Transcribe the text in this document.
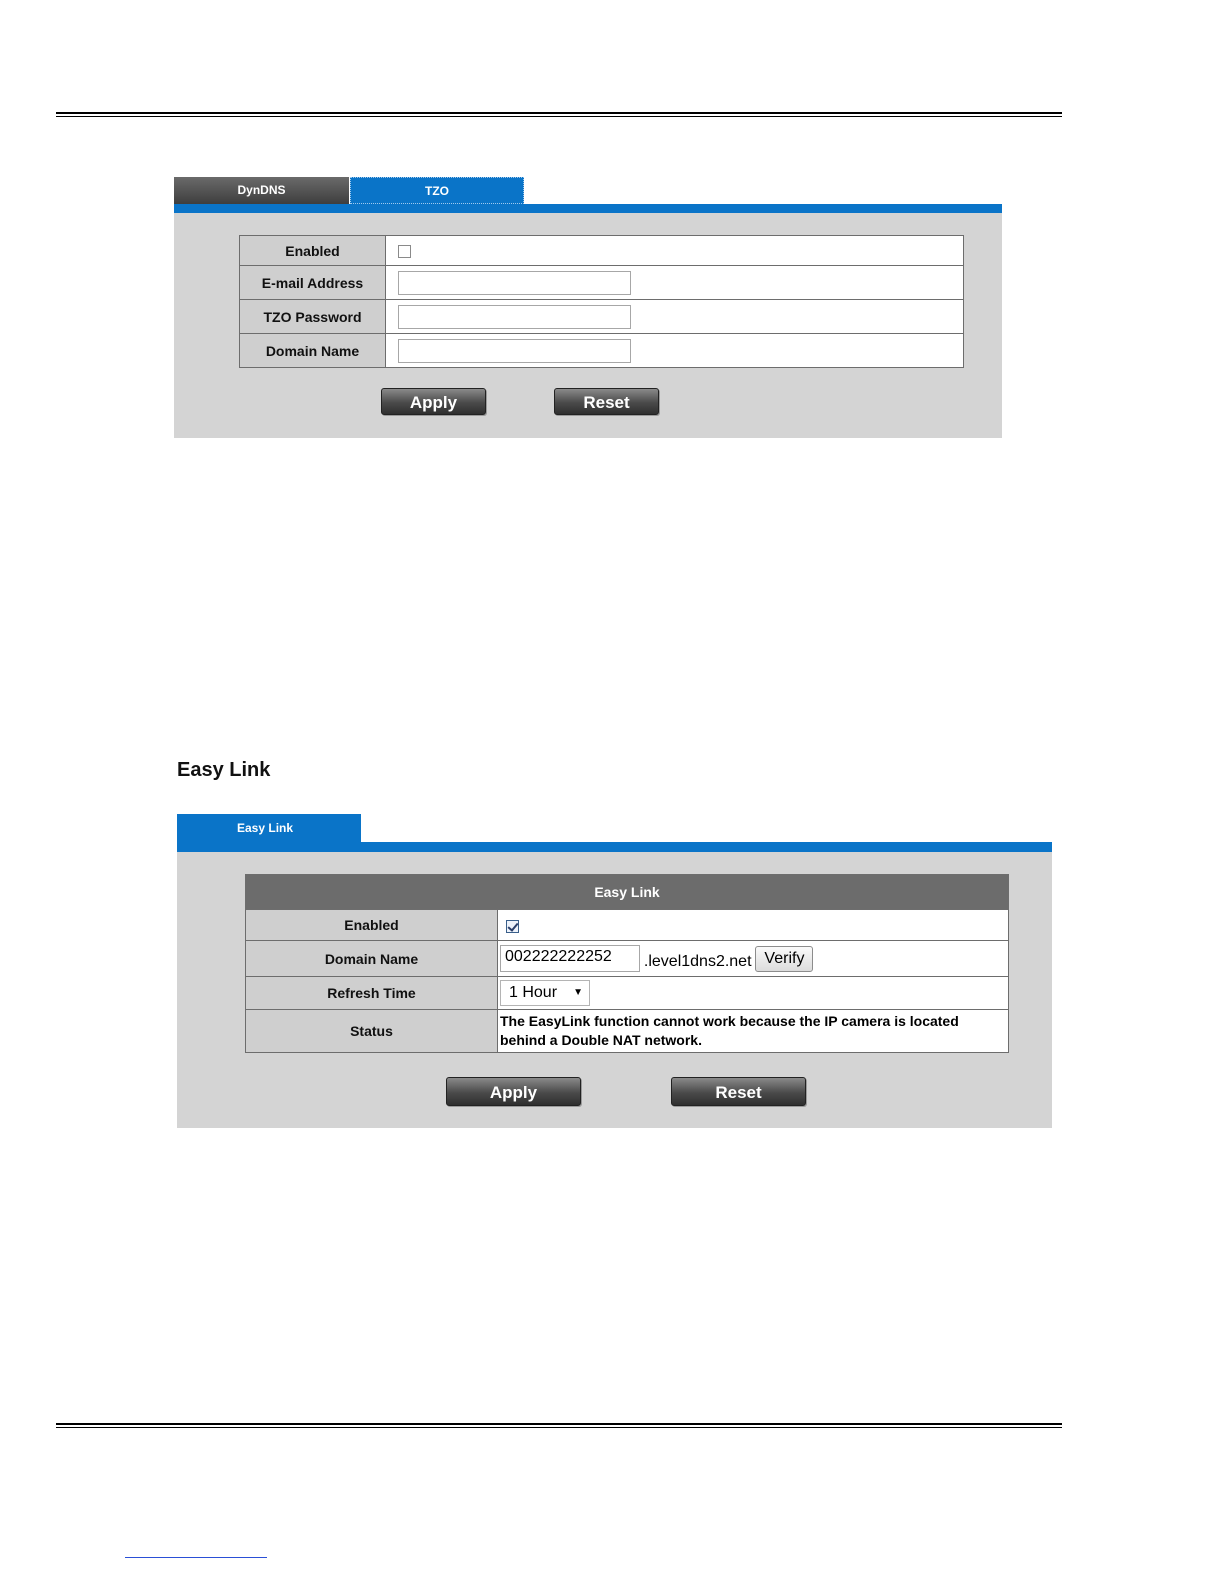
DynDNS	TZO
Enabled	
E-mail Address	
TZO Password	
Domain Name	
Apply	Reset
Easy Link
Easy Link
Easy Link	
Enabled	
Domain Name	002222222252 .level1dns2.net Verify
Refresh Time	1 Hour ▼

Status	The EasyLink function cannot work because the IP camera is located behind a Double NAT network.
Apply	Reset
